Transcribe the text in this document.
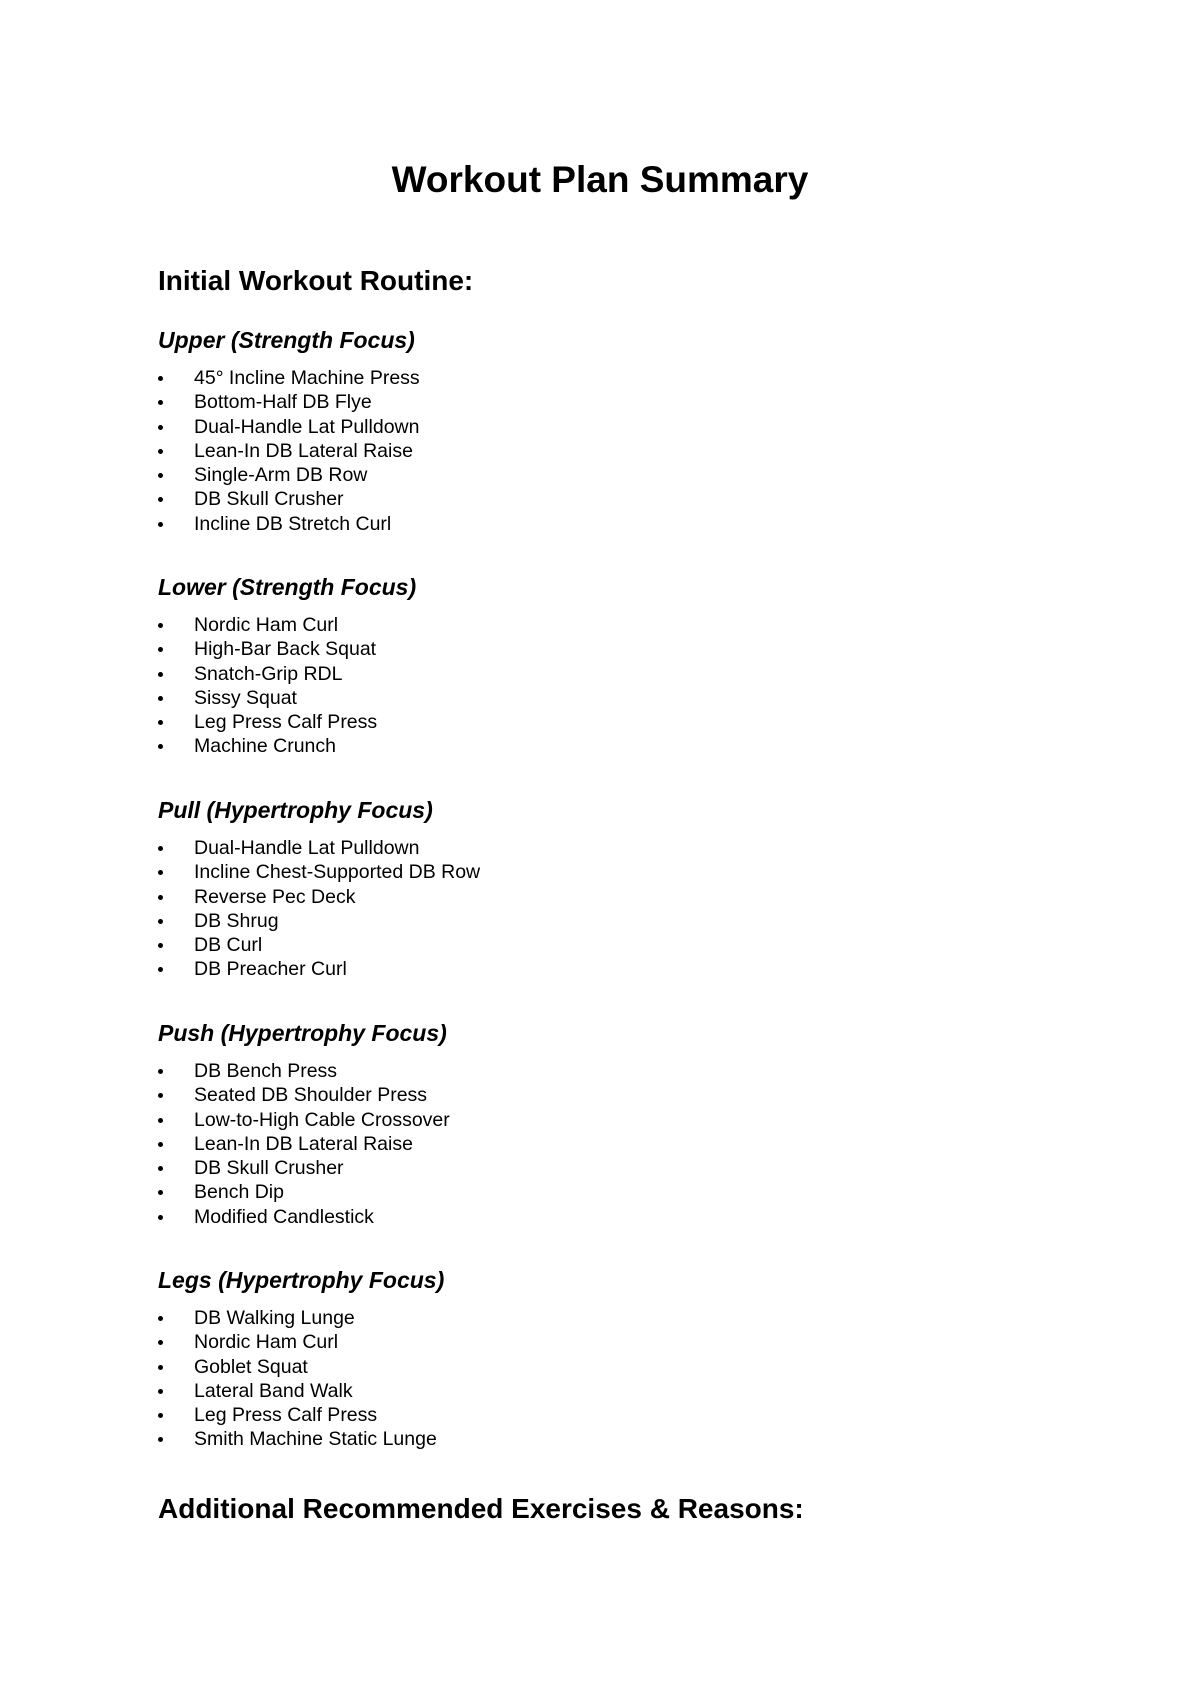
Workout Plan Summary
Initial Workout Routine:
Upper (Strength Focus)
45° Incline Machine Press
Bottom-Half DB Flye
Dual-Handle Lat Pulldown
Lean-In DB Lateral Raise
Single-Arm DB Row
DB Skull Crusher
Incline DB Stretch Curl
Lower (Strength Focus)
Nordic Ham Curl
High-Bar Back Squat
Snatch-Grip RDL
Sissy Squat
Leg Press Calf Press
Machine Crunch
Pull (Hypertrophy Focus)
Dual-Handle Lat Pulldown
Incline Chest-Supported DB Row
Reverse Pec Deck
DB Shrug
DB Curl
DB Preacher Curl
Push (Hypertrophy Focus)
DB Bench Press
Seated DB Shoulder Press
Low-to-High Cable Crossover
Lean-In DB Lateral Raise
DB Skull Crusher
Bench Dip
Modified Candlestick
Legs (Hypertrophy Focus)
DB Walking Lunge
Nordic Ham Curl
Goblet Squat
Lateral Band Walk
Leg Press Calf Press
Smith Machine Static Lunge
Additional Recommended Exercises & Reasons:
